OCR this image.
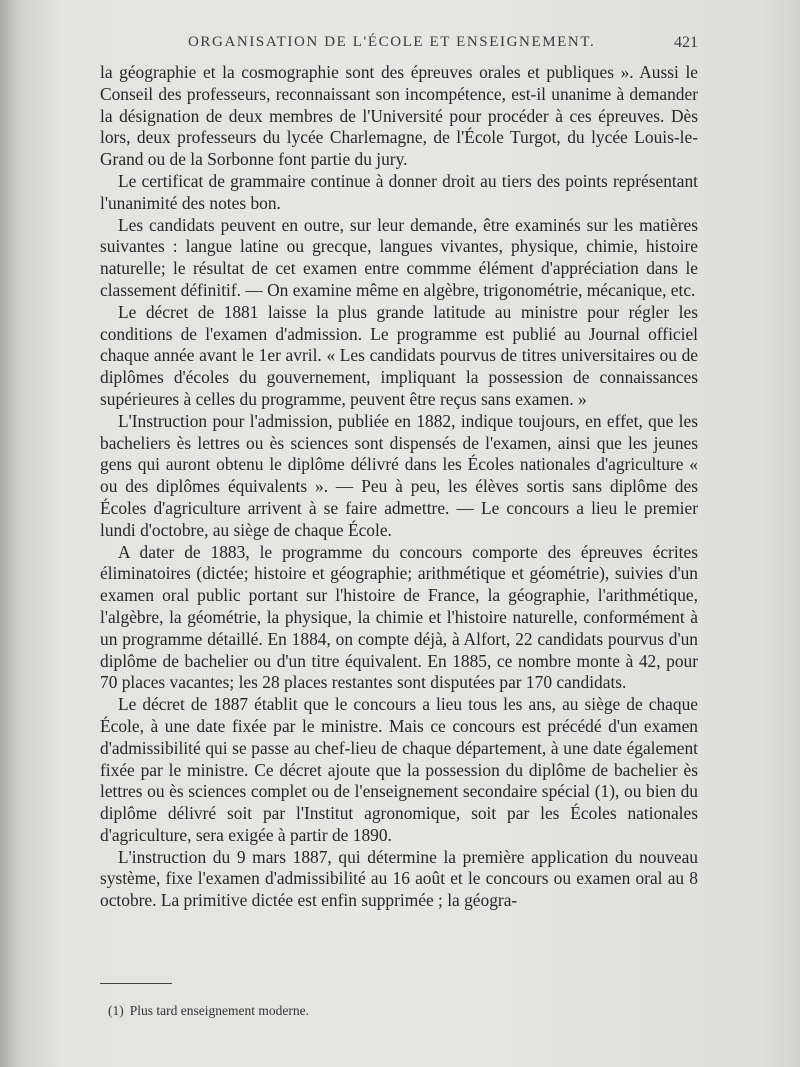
ORGANISATION DE L'ÉCOLE ET ENSEIGNEMENT.	421

la géographie et la cosmographie sont des épreuves orales et publiques ». Aussi le Conseil des professeurs, reconnaissant son incompétence, est-il unanime à demander la désignation de deux membres de l'Université pour procéder à ces épreuves. Dès lors, deux professeurs du lycée Charlemagne, de l'École Turgot, du lycée Louis-le-Grand ou de la Sorbonne font partie du jury.

Le certificat de grammaire continue à donner droit au tiers des points représentant l'unanimité des notes bon.

Les candidats peuvent en outre, sur leur demande, être examinés sur les matières suivantes : langue latine ou grecque, langues vivantes, physique, chimie, histoire naturelle; le résultat de cet examen entre commme élément d'appréciation dans le classement définitif. — On examine même en algèbre, trigonométrie, mécanique, etc.

Le décret de 1881 laisse la plus grande latitude au ministre pour régler les conditions de l'examen d'admission. Le programme est publié au Journal officiel chaque année avant le 1er avril. « Les candidats pourvus de titres universitaires ou de diplômes d'écoles du gouvernement, impliquant la possession de connaissances supérieures à celles du programme, peuvent être reçus sans examen. »

L'Instruction pour l'admission, publiée en 1882, indique toujours, en effet, que les bacheliers ès lettres ou ès sciences sont dispensés de l'examen, ainsi que les jeunes gens qui auront obtenu le diplôme délivré dans les Écoles nationales d'agriculture « ou des diplômes équivalents ». — Peu à peu, les élèves sortis sans diplôme des Écoles d'agriculture arrivent à se faire admettre. — Le concours a lieu le premier lundi d'octobre, au siège de chaque École.

A dater de 1883, le programme du concours comporte des épreuves écrites éliminatoires (dictée; histoire et géographie; arithmétique et géométrie), suivies d'un examen oral public portant sur l'histoire de France, la géographie, l'arithmétique, l'algèbre, la géométrie, la physique, la chimie et l'histoire naturelle, conformément à un programme détaillé. En 1884, on compte déjà, à Alfort, 22 candidats pourvus d'un diplôme de bachelier ou d'un titre équivalent. En 1885, ce nombre monte à 42, pour 70 places vacantes; les 28 places restantes sont disputées par 170 candidats.

Le décret de 1887 établit que le concours a lieu tous les ans, au siège de chaque École, à une date fixée par le ministre. Mais ce concours est précédé d'un examen d'admissibilité qui se passe au chef-lieu de chaque département, à une date également fixée par le ministre. Ce décret ajoute que la possession du diplôme de bachelier ès lettres ou ès sciences complet ou de l'enseignement secondaire spécial (1), ou bien du diplôme délivré soit par l'Institut agronomique, soit par les Écoles nationales d'agriculture, sera exigée à partir de 1890.

L'instruction du 9 mars 1887, qui détermine la première application du nouveau système, fixe l'examen d'admissibilité au 16 août et le concours ou examen oral au 8 octobre. La primitive dictée est enfin supprimée ; la géogra-

(1) Plus tard enseignement moderne.
